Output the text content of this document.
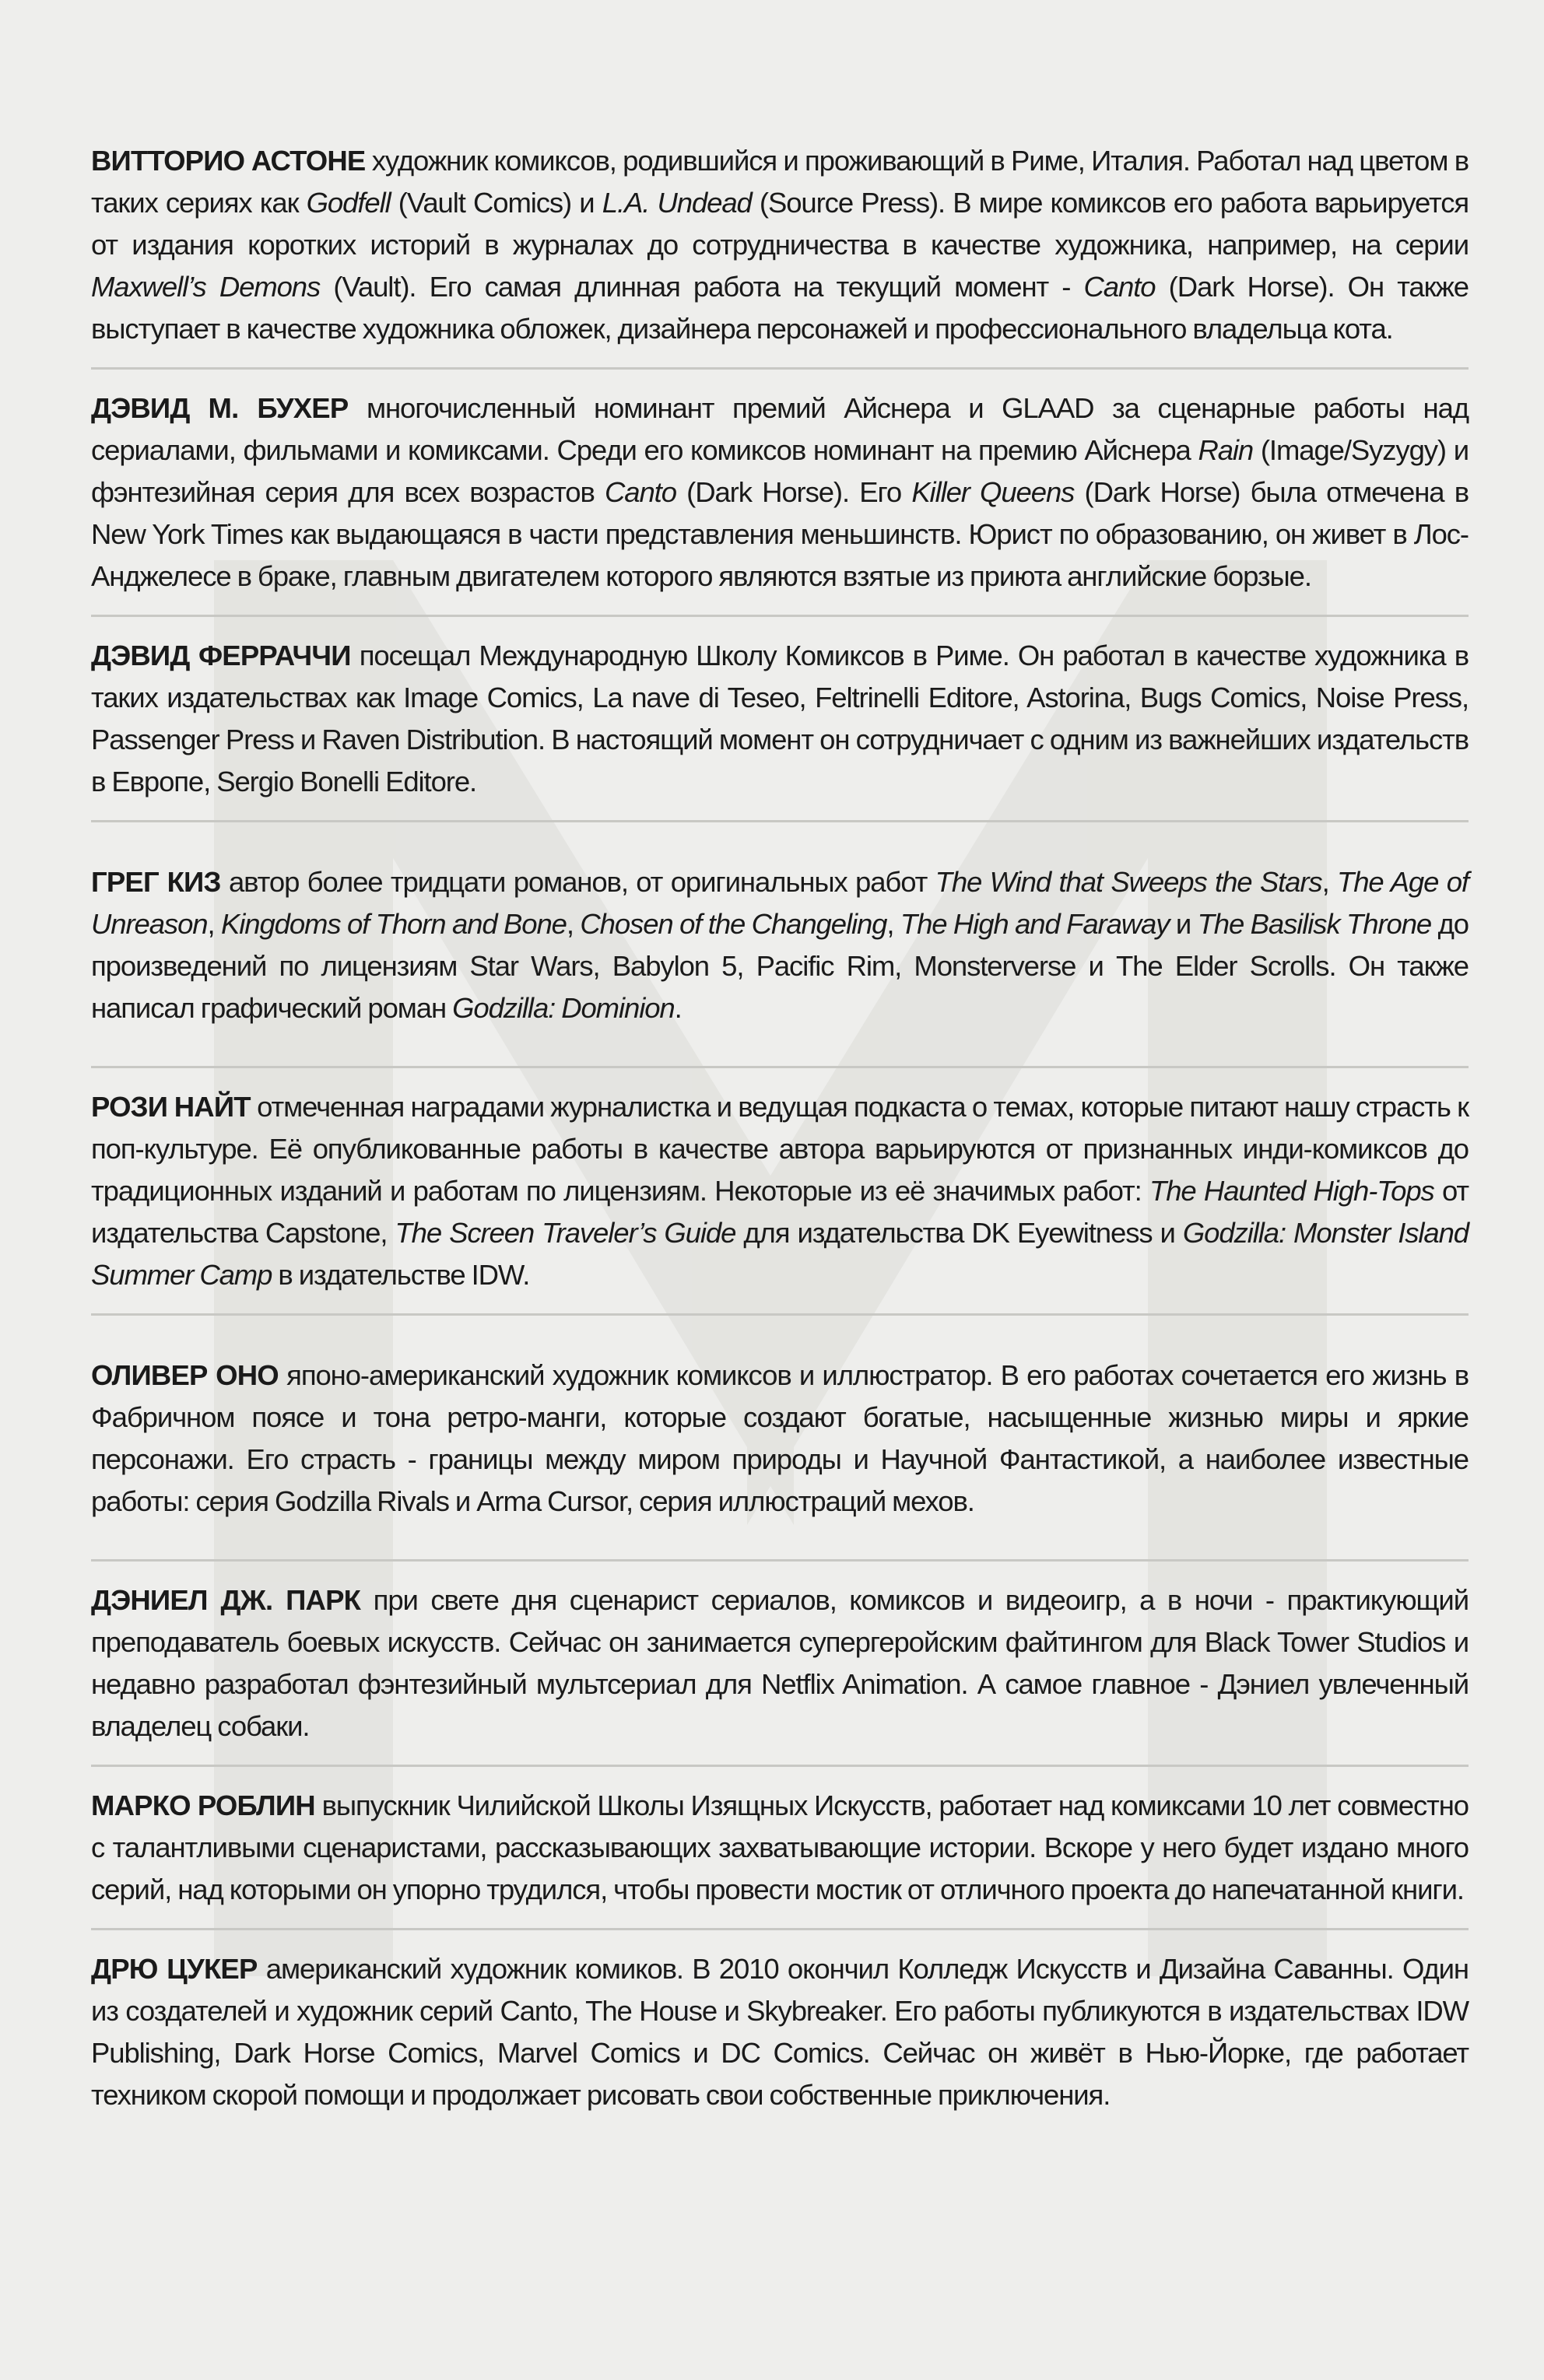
ВИТТОРИО АСТОНЕ художник комиксов, родившийся и проживающий в Риме, Италия. Работал над цветом в таких сериях как Godfell (Vault Comics) и L.A. Undead (Source Press). В мире комиксов его работа варьируется от издания коротких историй в журналах до сотрудничества в качестве художника, например, на серии Maxwell’s Demons (Vault). Его самая длинная работа на текущий момент - Canto (Dark Horse). Он также выступает в качестве художника обложек, дизайнера персонажей и профессионального владельца кота.

ДЭВИД М. БУХЕР многочисленный номинант премий Айснера и GLAAD за сценарные работы над сериалами, фильмами и комиксами. Среди его комиксов номинант на премию Айснера Rain (Image/Syzygy) и фэнтезийная серия для всех возрастов Canto (Dark Horse). Его Killer Queens (Dark Horse) была отмечена в New York Times как выдающаяся в части представления меньшинств. Юрист по образованию, он живет в Лос-Анджелесе в браке, главным двигателем которого являются взятые из приюта английские борзые.

ДЭВИД ФЕРРАЧЧИ посещал Международную Школу Комиксов в Риме. Он работал в качестве художника в таких издательствах как Image Comics, La nave di Teseo, Feltrinelli Editore, Astorina, Bugs Comics, Noise Press, Passenger Press и Raven Distribution. В настоящий момент он сотрудничает с одним из важнейших издательств в Европе, Sergio Bonelli Editore.

ГРЕГ КИЗ автор более тридцати романов, от оригинальных работ The Wind that Sweeps the Stars, The Age of Unreason, Kingdoms of Thorn and Bone, Chosen of the Changeling, The High and Faraway и The Basilisk Throne до произведений по лицензиям Star Wars, Babylon 5, Pacific Rim, Monsterverse и The Elder Scrolls. Он также написал графический роман Godzilla: Dominion.

РОЗИ НАЙТ отмеченная наградами журналистка и ведущая подкаста о темах, которые питают нашу страсть к поп-культуре. Её опубликованные работы в качестве автора варьируются от признанных инди-комиксов до традиционных изданий и работам по лицензиям. Некоторые из её значимых работ: The Haunted High-Tops от издательства Capstone, The Screen Traveler’s Guide для издательства DK Eyewitness и Godzilla: Monster Island Summer Camp в издательстве IDW.

ОЛИВЕР ОНО японо-американский художник комиксов и иллюстратор. В его работах сочетается его жизнь в Фабричном поясе и тона ретро-манги, которые создают богатые, насыщенные жизнью миры и яркие персонажи. Его страсть - границы между миром природы и Научной Фантастикой, а наиболее известные работы: серия Godzilla Rivals и Arma Cursor, серия иллюстраций мехов.

ДЭНИЕЛ ДЖ. ПАРК при свете дня сценарист сериалов, комиксов и видеоигр, а в ночи - практикующий преподаватель боевых искусств. Сейчас он занимается супергеройским файтингом для Black Tower Studios и недавно разработал фэнтезийный мультсериал для Netflix Animation. А самое главное - Дэниел увлеченный владелец собаки.

МАРКО РОБЛИН выпускник Чилийской Школы Изящных Искусств, работает над комиксами 10 лет совместно с талантливыми сценаристами, рассказывающих захватывающие истории. Вскоре у него будет издано много серий, над которыми он упорно трудился, чтобы провести мостик от отличного проекта до напечатанной книги.

ДРЮ ЦУКЕР американский художник комиков. В 2010 окончил Колледж Искусств и Дизайна Саванны. Один из создателей и художник серий Canto, The House и Skybreaker. Его работы публикуются в издательствах IDW Publishing, Dark Horse Comics, Marvel Comics и DC Comics. Сейчас он живёт в Нью-Йорке, где работает техником скорой помощи и продолжает рисовать свои собственные приключения.
